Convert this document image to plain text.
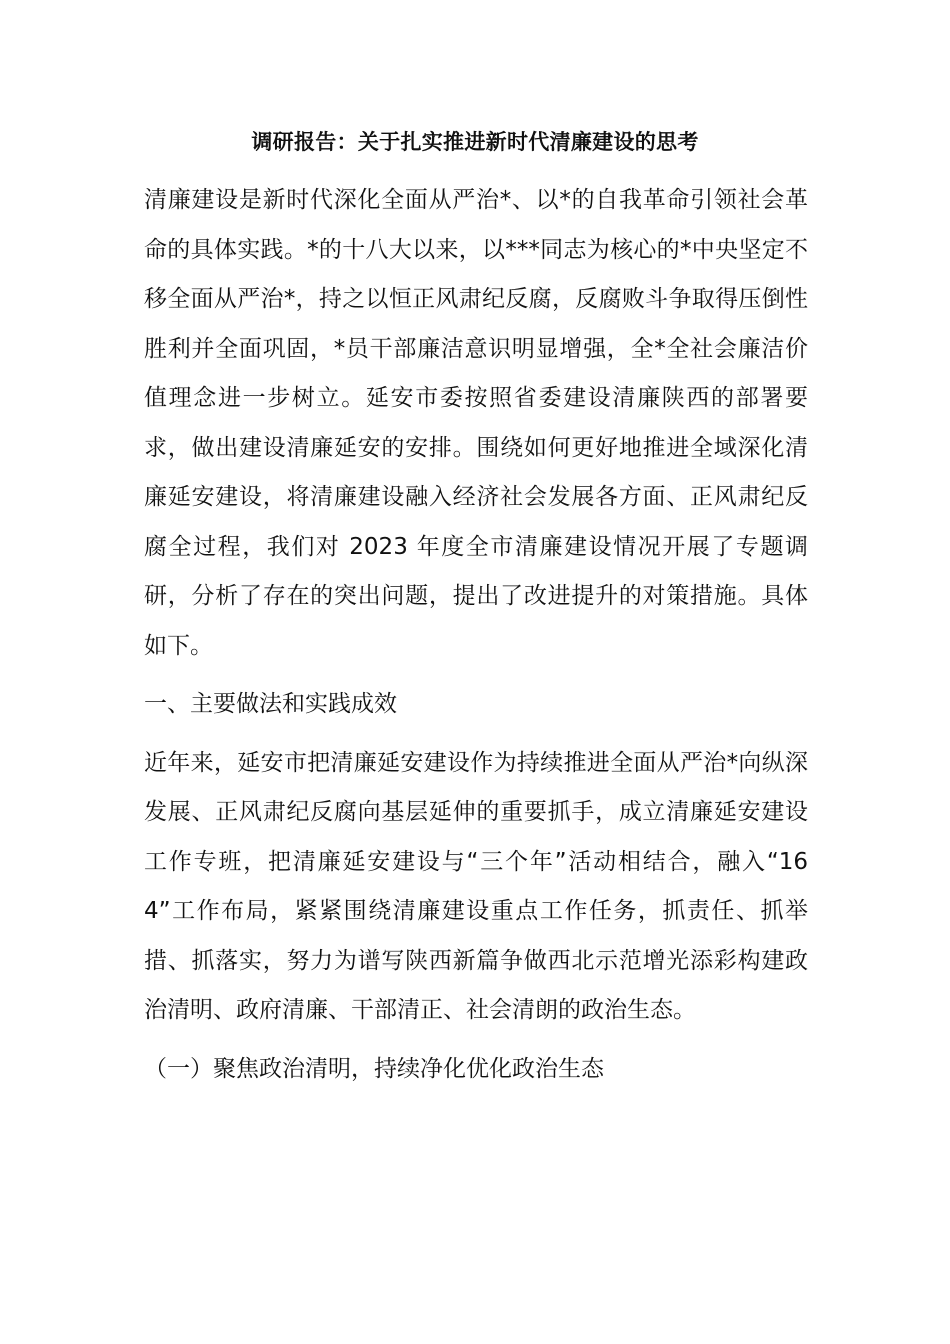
调研报告：关于扎实推进新时代清廉建设的思考

清廉建设是新时代深化全面从严治*、以*的自我革命引领社会革命的具体实践。*的十八大以来，以***同志为核心的*中央坚定不移全面从严治*，持之以恒正风肃纪反腐，反腐败斗争取得压倒性胜利并全面巩固，*员干部廉洁意识明显增强，全*全社会廉洁价值理念进一步树立。延安市委按照省委建设清廉陕西的部署要求，做出建设清廉延安的安排。围绕如何更好地推进全域深化清廉延安建设，将清廉建设融入经济社会发展各方面、正风肃纪反腐全过程，我们对 2023 年度全市清廉建设情况开展了专题调研，分析了存在的突出问题，提出了改进提升的对策措施。具体如下。

一、主要做法和实践成效

近年来，延安市把清廉延安建设作为持续推进全面从严治*向纵深发展、正风肃纪反腐向基层延伸的重要抓手，成立清廉延安建设工作专班，把清廉延安建设与“三个年”活动相结合，融入“164”工作布局，紧紧围绕清廉建设重点工作任务，抓责任、抓举措、抓落实，努力为谱写陕西新篇争做西北示范增光添彩构建政治清明、政府清廉、干部清正、社会清朗的政治生态。

（一）聚焦政治清明，持续净化优化政治生态
